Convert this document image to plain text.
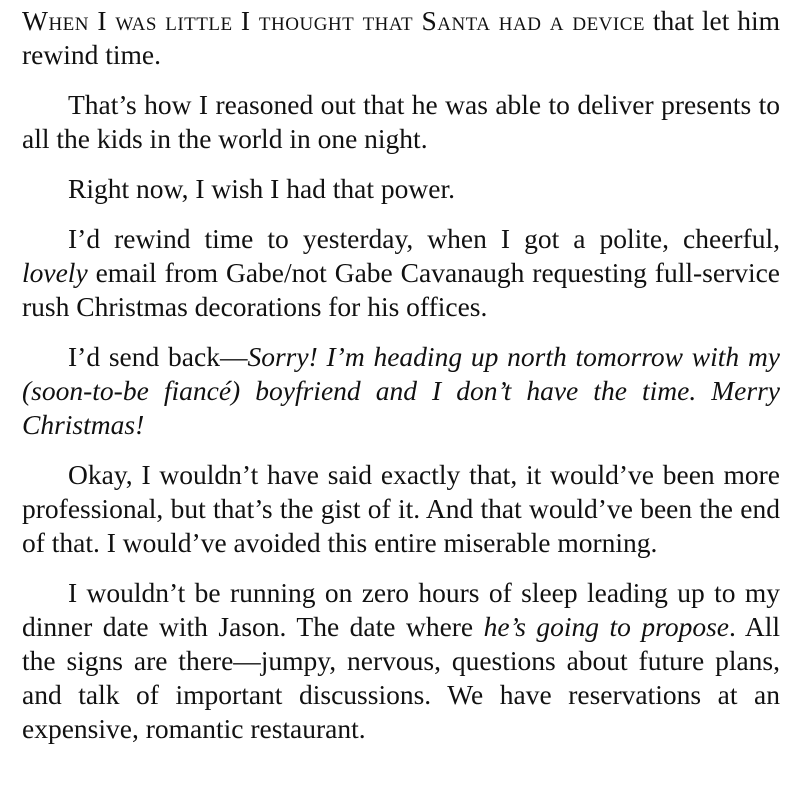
When I was little I thought that Santa had a device that let him rewind time.

That’s how I reasoned out that he was able to deliver presents to all the kids in the world in one night.

Right now, I wish I had that power.

I’d rewind time to yesterday, when I got a polite, cheerful, lovely email from Gabe/not Gabe Cavanaugh requesting full-service rush Christmas decorations for his offices.

I’d send back—Sorry! I’m heading up north tomorrow with my (soon-to-be fiancé) boyfriend and I don’t have the time. Merry Christmas!

Okay, I wouldn’t have said exactly that, it would’ve been more professional, but that’s the gist of it. And that would’ve been the end of that. I would’ve avoided this entire miserable morning.

I wouldn’t be running on zero hours of sleep leading up to my dinner date with Jason. The date where he’s going to propose. All the signs are there—jumpy, nervous, questions about future plans, and talk of important discussions. We have reservations at an expensive, romantic restaurant.
